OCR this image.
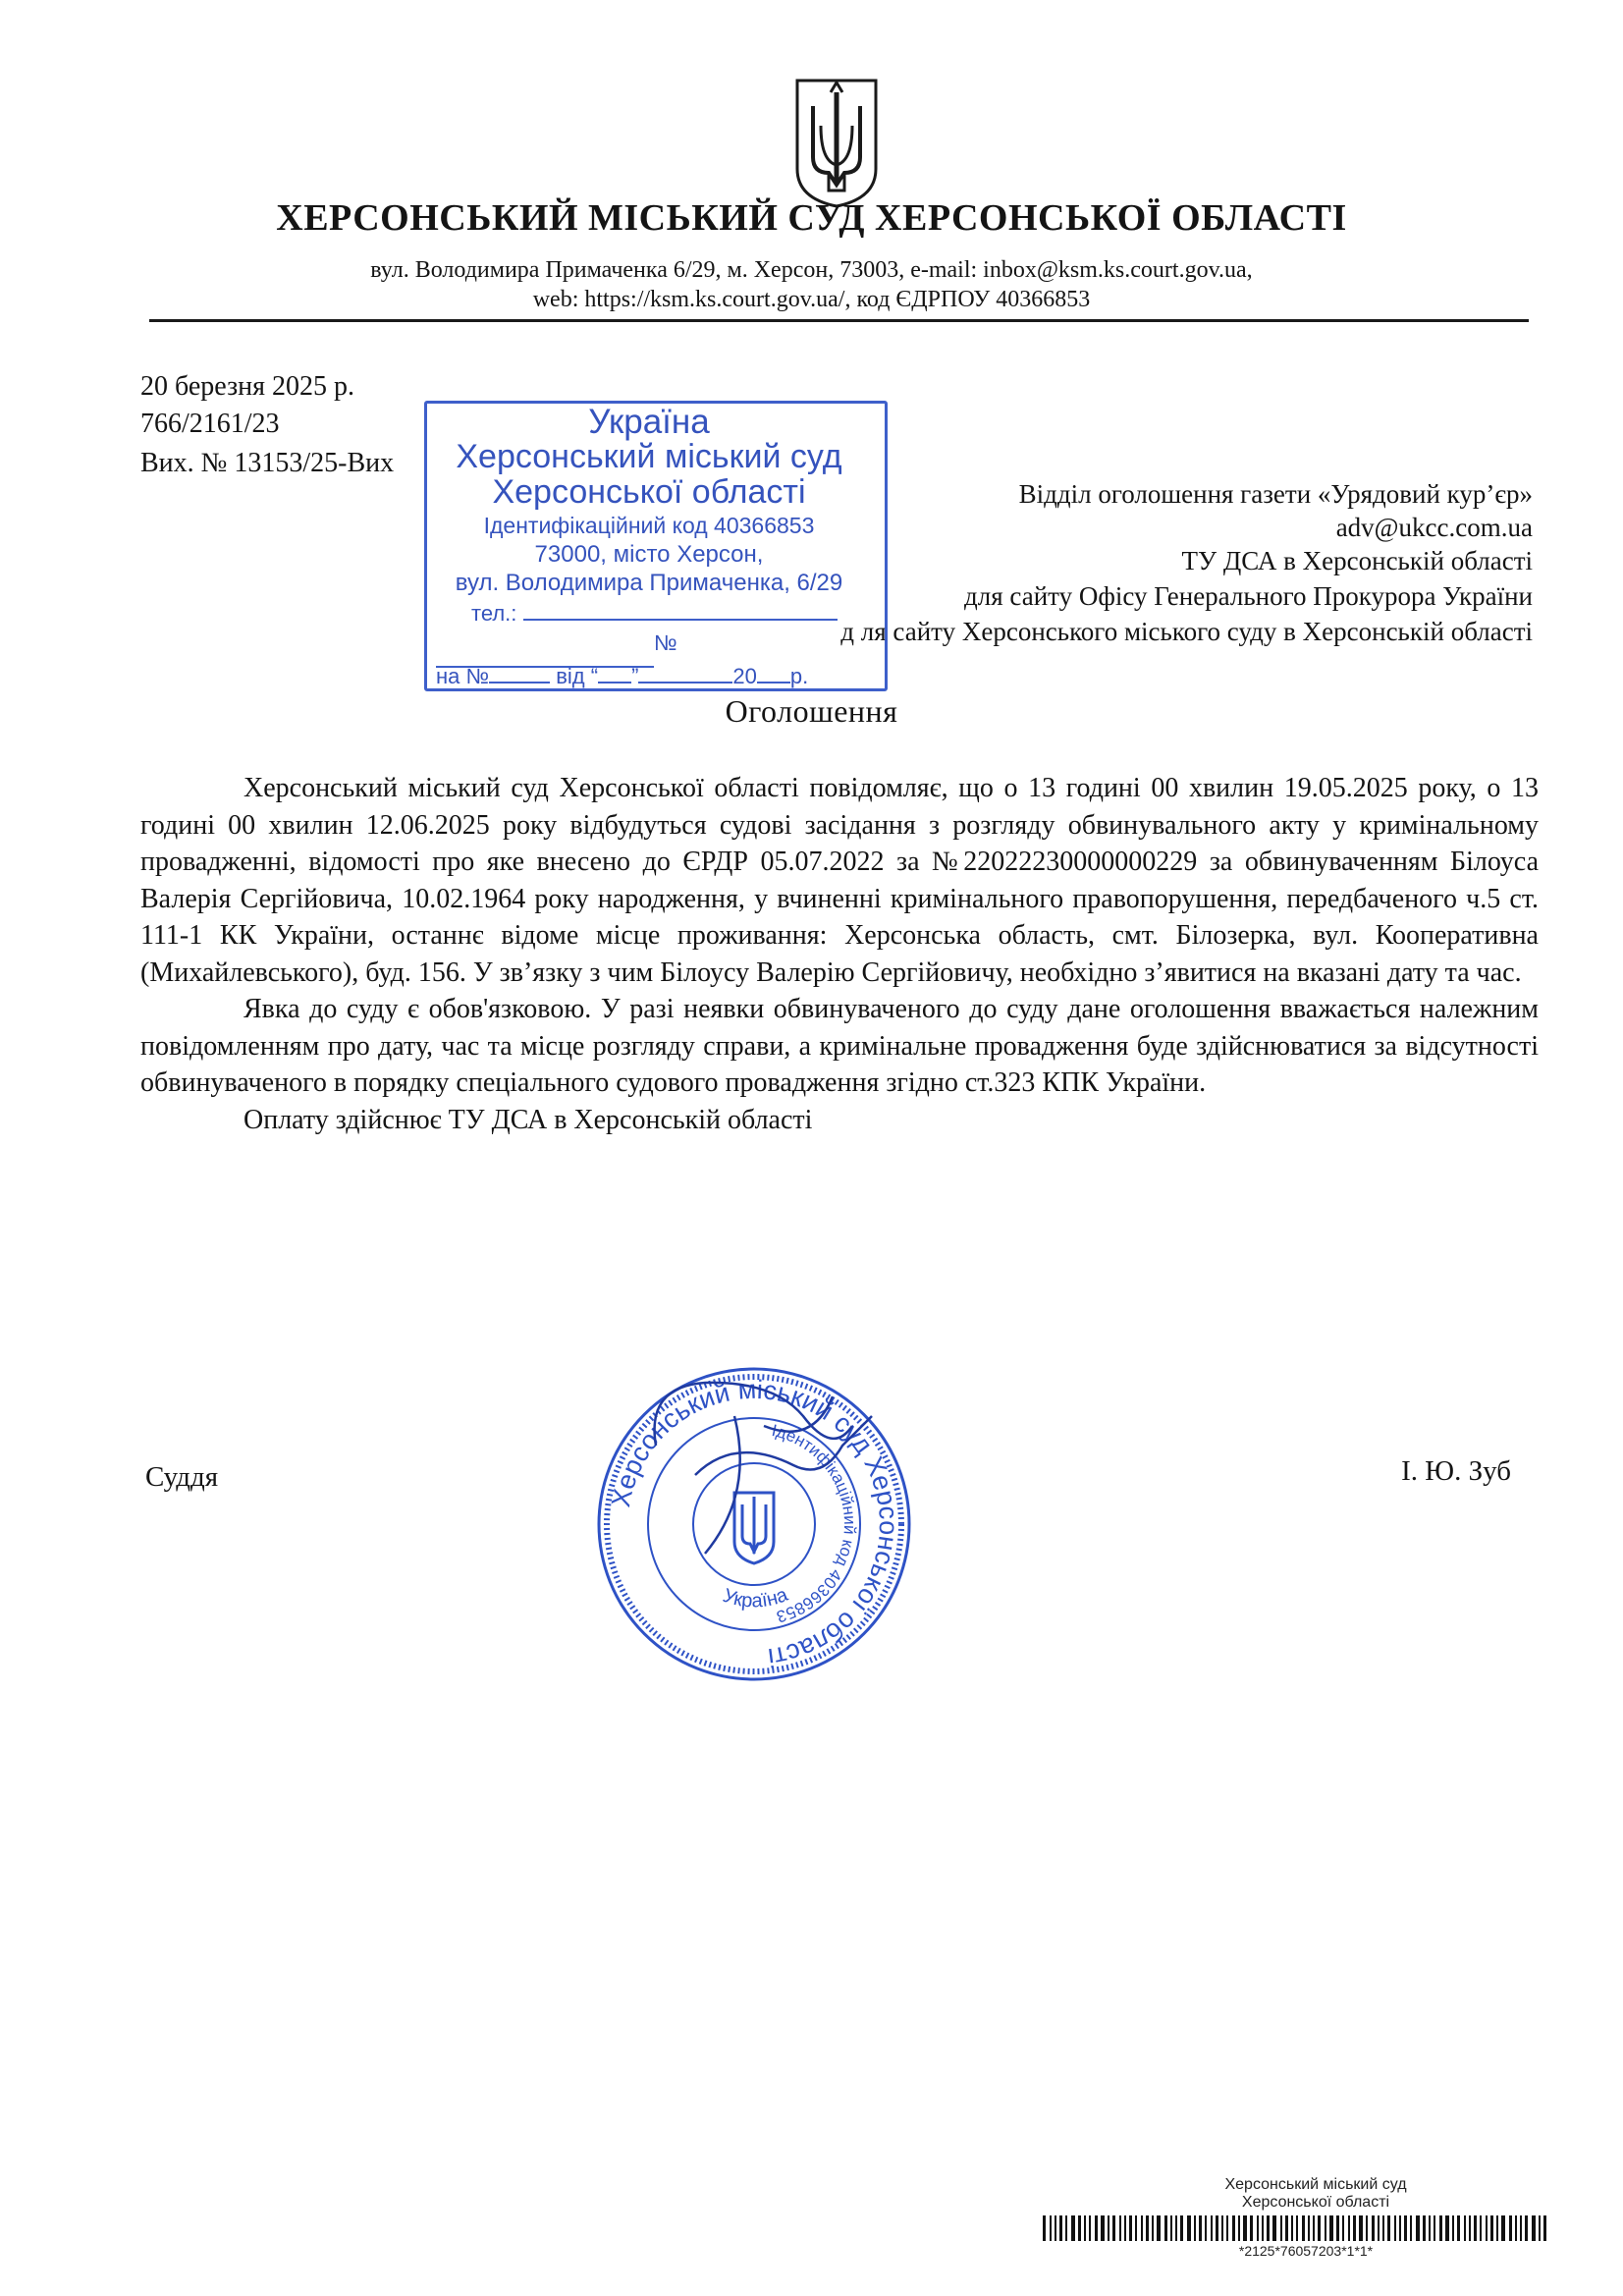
ХЕРСОНСЬКИЙ МІСЬКИЙ СУД ХЕРСОНСЬКОЇ ОБЛАСТІ
вул. Володимира Примаченка 6/29, м. Херсон, 73003, e-mail: inbox@ksm.ks.court.gov.ua,
web: https://ksm.ks.court.gov.ua/, код ЄДРПОУ 40366853
20 березня 2025 р.
766/2161/23
Вих. № 13153/25-Вих
Відділ оголошення газети «Урядовий кур’єр»
adv@ukcc.com.ua
ТУ ДСА в Херсонській області
для сайту Офісу Генерального Прокурора України
д ля сайту Херсонського міського суду в Херсонській області
Україна
Херсонський міський суд
Херсонської області
Ідентифікаційний код 40366853
73000, місто Херсон,
вул. Володимира Примаченка, 6/29
тел.:
№
на №	від “ ”	20 р.
Оголошення

Херсонський міський суд Херсонської області повідомляє, що о 13 годині 00 хвилин 19.05.2025 року, о 13 годині 00 хвилин 12.06.2025 року відбудуться судові засідання з розгляду обвинувального акту у кримінальному провадженні, відомості про яке внесено до ЄРДР 05.07.2022 за №22022230000000229 за обвинуваченням Білоуса Валерія Сергійовича, 10.02.1964 року народження, у вчиненні кримінального правопорушення, передбаченого ч.5 ст. 111-1 КК України, останнє відоме місце проживання: Херсонська область, смт. Білозерка, вул. Кооперативна (Михайлевського), буд. 156. У зв’язку з чим Білоусу Валерію Сергійовичу, необхідно з’явитися на вказані дату та час.

Явка до суду є обов'язковою. У разі неявки обвинуваченого до суду дане оголошення вважається належним повідомленням про дату, час та місце розгляду справи, а кримінальне провадження буде здійснюватися за відсутності обвинуваченого в порядку спеціального судового провадження згідно ст.323 КПК України.

Оплату здійснює ТУ ДСА в Херсонській області

Суддя	І. Ю. Зуб
Херсонський міський суд Херсонської області
Ідентифікаційний код 40366853
Україна
Херсонський міський суд
Херсонської області
*2125*76057203*1*1*
